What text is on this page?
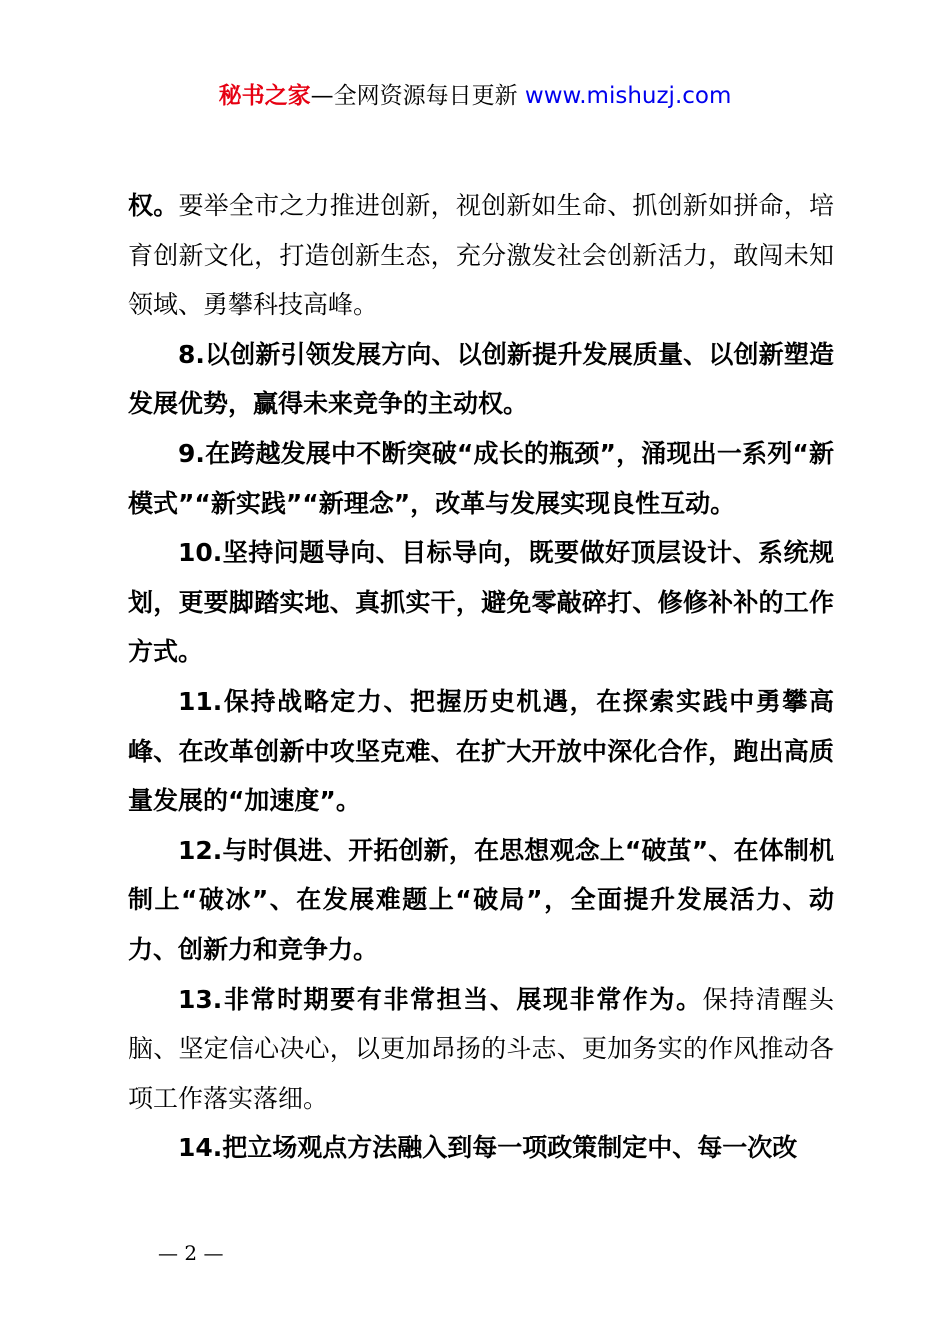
秘书之家—全网资源每日更新 www.mishuzj.com

权。要举全市之力推进创新，视创新如生命、抓创新如拼命，培育创新文化，打造创新生态，充分激发社会创新活力，敢闯未知领域、勇攀科技高峰。

8.以创新引领发展方向、以创新提升发展质量、以创新塑造发展优势，赢得未来竞争的主动权。

9.在跨越发展中不断突破“成长的瓶颈”，涌现出一系列“新模式”“新实践”“新理念”，改革与发展实现良性互动。

10.坚持问题导向、目标导向，既要做好顶层设计、系统规划，更要脚踏实地、真抓实干，避免零敲碎打、修修补补的工作方式。

11.保持战略定力、把握历史机遇，在探索实践中勇攀高峰、在改革创新中攻坚克难、在扩大开放中深化合作，跑出高质量发展的“加速度”。

12.与时俱进、开拓创新，在思想观念上“破茧”、在体制机制上“破冰”、在发展难题上“破局”，全面提升发展活力、动力、创新力和竞争力。

13.非常时期要有非常担当、展现非常作为。保持清醒头脑、坚定信心决心，以更加昂扬的斗志、更加务实的作风推动各项工作落实落细。

14.把立场观点方法融入到每一项政策制定中、每一次改

— 2 —
